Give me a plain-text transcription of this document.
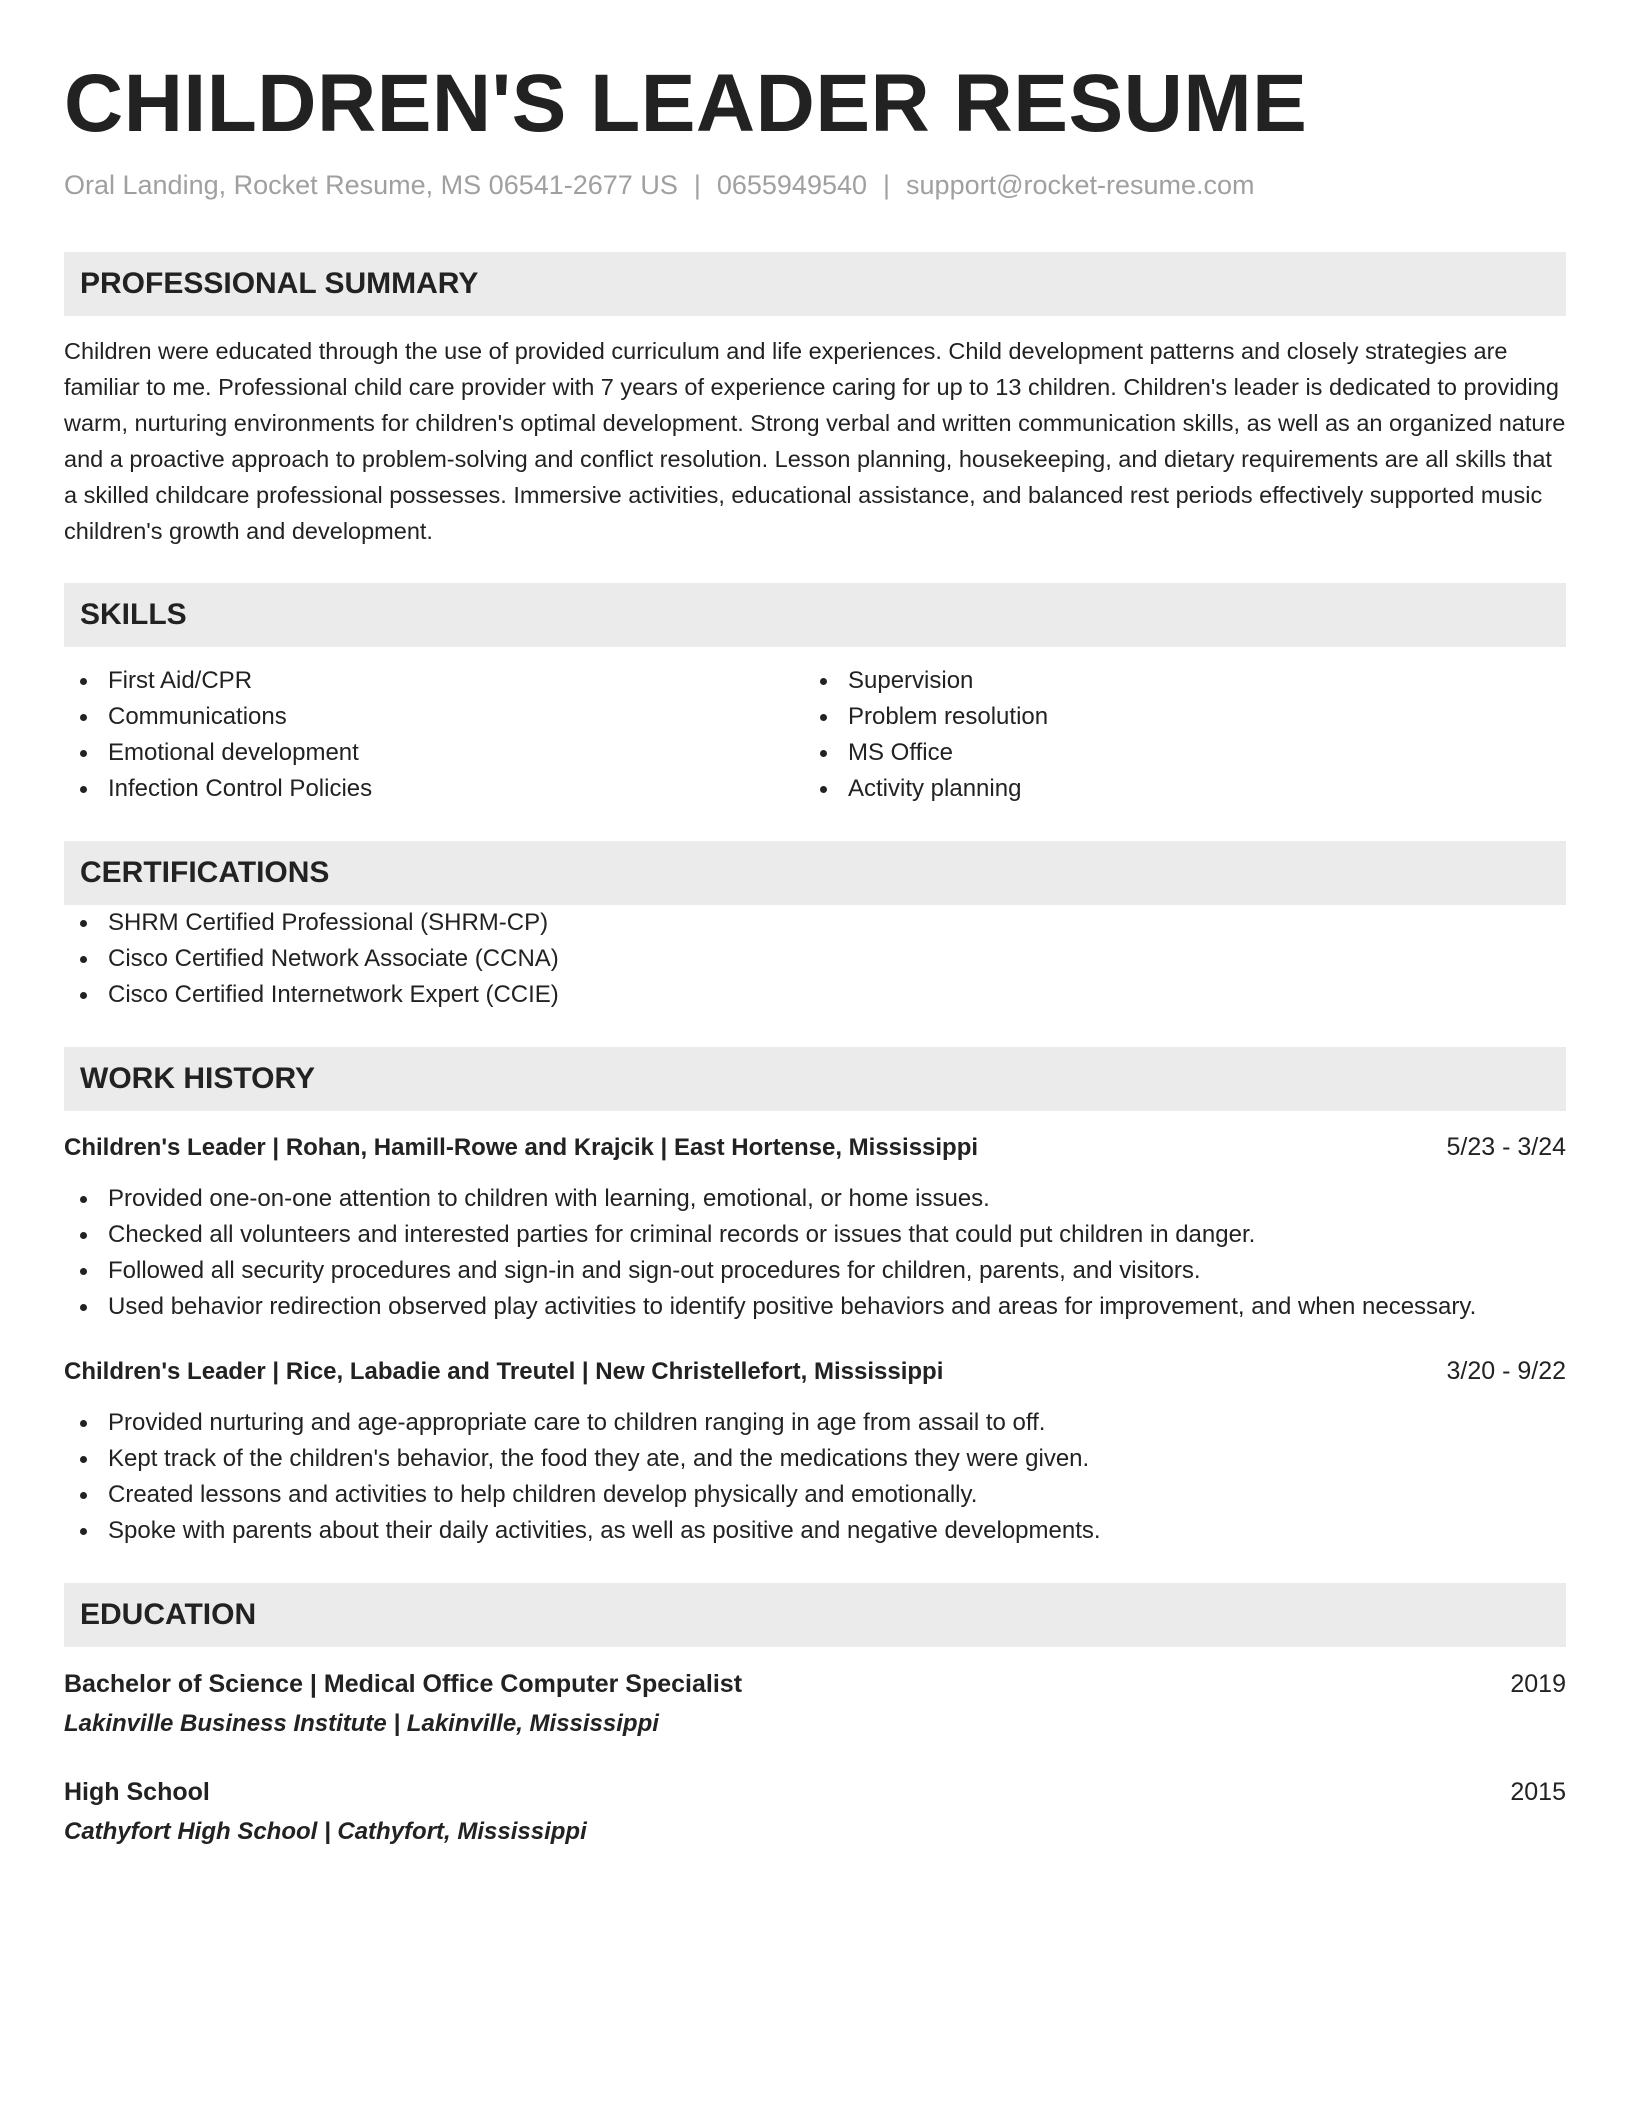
CHILDREN'S LEADER RESUME
Oral Landing, Rocket Resume, MS 06541-2677 US | 0655949540 | support@rocket-resume.com
PROFESSIONAL SUMMARY
Children were educated through the use of provided curriculum and life experiences. Child development patterns and closely strategies are familiar to me. Professional child care provider with 7 years of experience caring for up to 13 children. Children's leader is dedicated to providing warm, nurturing environments for children's optimal development. Strong verbal and written communication skills, as well as an organized nature and a proactive approach to problem-solving and conflict resolution. Lesson planning, housekeeping, and dietary requirements are all skills that a skilled childcare professional possesses. Immersive activities, educational assistance, and balanced rest periods effectively supported music children's growth and development.
SKILLS
First Aid/CPR
Communications
Emotional development
Infection Control Policies
Supervision
Problem resolution
MS Office
Activity planning
CERTIFICATIONS
SHRM Certified Professional (SHRM-CP)
Cisco Certified Network Associate (CCNA)
Cisco Certified Internetwork Expert (CCIE)
WORK HISTORY
Children's Leader | Rohan, Hamill-Rowe and Krajcik | East Hortense, Mississippi	5/23 - 3/24
Provided one-on-one attention to children with learning, emotional, or home issues.
Checked all volunteers and interested parties for criminal records or issues that could put children in danger.
Followed all security procedures and sign-in and sign-out procedures for children, parents, and visitors.
Used behavior redirection observed play activities to identify positive behaviors and areas for improvement, and when necessary.
Children's Leader | Rice, Labadie and Treutel | New Christellefort, Mississippi	3/20 - 9/22
Provided nurturing and age-appropriate care to children ranging in age from assail to off.
Kept track of the children's behavior, the food they ate, and the medications they were given.
Created lessons and activities to help children develop physically and emotionally.
Spoke with parents about their daily activities, as well as positive and negative developments.
EDUCATION
Bachelor of Science | Medical Office Computer Specialist	2019
Lakinville Business Institute | Lakinville, Mississippi
High School	2015
Cathyfort High School | Cathyfort, Mississippi
